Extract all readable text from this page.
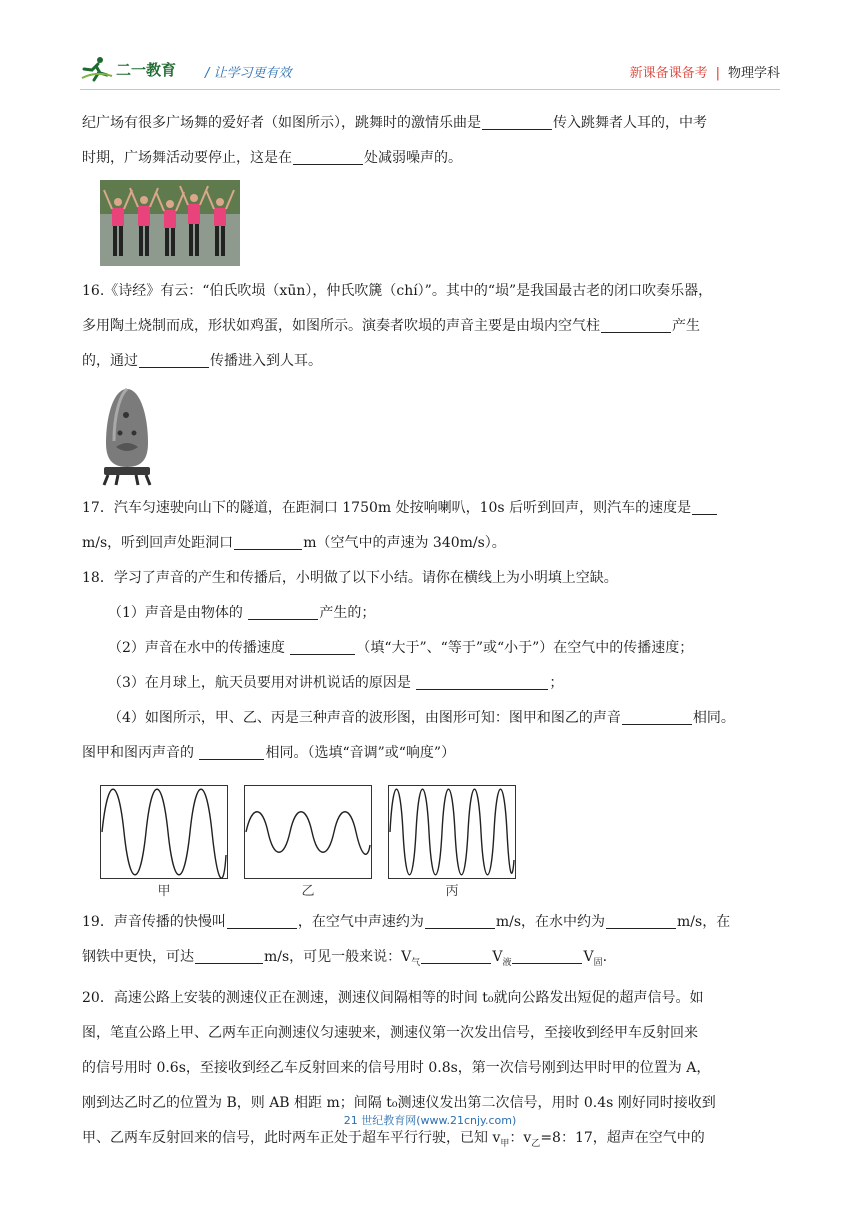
二一教育 / 让学习更有效	新课备课备考 | 物理学科

纪广场有很多广场舞的爱好者（如图所示），跳舞时的激情乐曲是	传入跳舞者人耳的，中考

时期，广场舞活动要停止，这是在	处减弱噪声的。

16.《诗经》有云：“伯氏吹埙（xūn），仲氏吹篪（chí）”。其中的“埙”是我国最古老的闭口吹奏乐器，

多用陶土烧制而成，形状如鸡蛋，如图所示。演奏者吹埙的声音主要是由埙内空气柱	产生

的，通过	传播进入到人耳。

17．汽车匀速驶向山下的隧道，在距洞口 1750m 处按响喇叭，10s 后听到回声，则汽车的速度是

m/s，听到回声处距洞口	m（空气中的声速为 340m/s）。

18．学习了声音的产生和传播后，小明做了以下小结。请你在横线上为小明填上空缺。

（1）声音是由物体的	产生的；

（2）声音在水中的传播速度	（填“大于”、“等于”或“小于”）在空气中的传播速度；

（3）在月球上，航天员要用对讲机说话的原因是	；

（4）如图所示，甲、乙、丙是三种声音的波形图，由图形可知：图甲和图乙的声音	相同。

图甲和图丙声音的	相同。（选填“音调”或“响度”）

甲	乙	丙

19．声音传播的快慢叫	，在空气中声速约为	m/s，在水中约为	m/s，在

钢铁中更快，可达	m/s，可见一般来说：$V_气$	$V_液$	$V_固$.

20．高速公路上安装的测速仪正在测速，测速仪间隔相等的时间 t₀就向公路发出短促的超声信号。如

图，笔直公路上甲、乙两车正向测速仪匀速驶来，测速仪第一次发出信号，至接收到经甲车反射回来

的信号用时 0.6s，至接收到经乙车反射回来的信号用时 0.8s，第一次信号刚到达甲时甲的位置为 A，

刚到达乙时乙的位置为 B，则 AB 相距 m；间隔 t₀测速仪发出第二次信号，用时 0.4s 刚好同时接收到

甲、乙两车反射回来的信号，此时两车正处于超车平行行驶，已知 $v_甲$：$v_乙=8$：17，超声在空气中的

21 世纪教育网(www.21cnjy.com)
